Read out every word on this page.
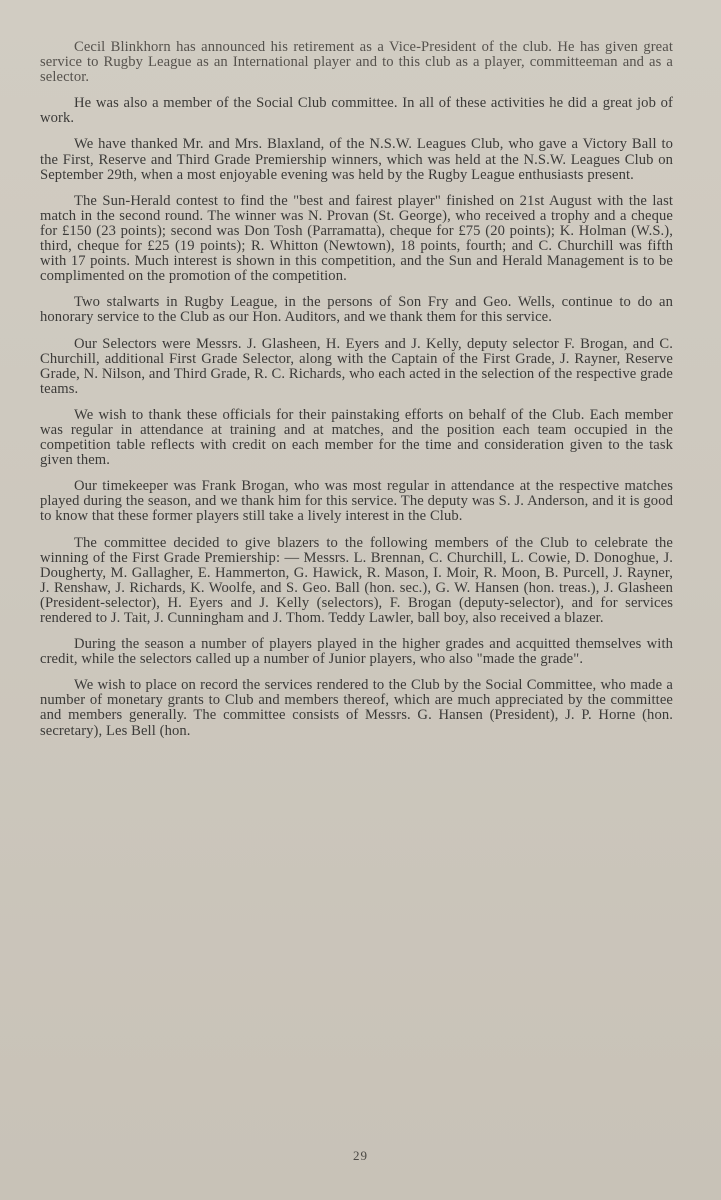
Cecil Blinkhorn has announced his retirement as a Vice-President of the club. He has given great service to Rugby League as an International player and to this club as a player, committeeman and as a selector.

He was also a member of the Social Club committee. In all of these activities he did a great job of work.

We have thanked Mr. and Mrs. Blaxland, of the N.S.W. Leagues Club, who gave a Victory Ball to the First, Reserve and Third Grade Premiership winners, which was held at the N.S.W. Leagues Club on September 29th, when a most enjoyable evening was held by the Rugby League enthusiasts present.

The Sun-Herald contest to find the "best and fairest player" finished on 21st August with the last match in the second round. The winner was N. Provan (St. George), who received a trophy and a cheque for £150 (23 points); second was Don Tosh (Parramatta), cheque for £75 (20 points); K. Holman (W.S.), third, cheque for £25 (19 points); R. Whitton (Newtown), 18 points, fourth; and C. Churchill was fifth with 17 points. Much interest is shown in this competition, and the Sun and Herald Management is to be complimented on the promotion of the competition.

Two stalwarts in Rugby League, in the persons of Son Fry and Geo. Wells, continue to do an honorary service to the Club as our Hon. Auditors, and we thank them for this service.

Our Selectors were Messrs. J. Glasheen, H. Eyers and J. Kelly, deputy selector F. Brogan, and C. Churchill, additional First Grade Selector, along with the Captain of the First Grade, J. Rayner, Reserve Grade, N. Nilson, and Third Grade, R. C. Richards, who each acted in the selection of the respective grade teams.

We wish to thank these officials for their painstaking efforts on behalf of the Club. Each member was regular in attendance at training and at matches, and the position each team occupied in the competition table reflects with credit on each member for the time and consideration given to the task given them.

Our timekeeper was Frank Brogan, who was most regular in attendance at the respective matches played during the season, and we thank him for this service. The deputy was S. J. Anderson, and it is good to know that these former players still take a lively interest in the Club.

The committee decided to give blazers to the following members of the Club to celebrate the winning of the First Grade Premiership: — Messrs. L. Brennan, C. Churchill, L. Cowie, D. Donoghue, J. Dougherty, M. Gallagher, E. Hammerton, G. Hawick, R. Mason, I. Moir, R. Moon, B. Purcell, J. Rayner, J. Renshaw, J. Richards, K. Woolfe, and S. Geo. Ball (hon. sec.), G. W. Hansen (hon. treas.), J. Glasheen (President-selector), H. Eyers and J. Kelly (selectors), F. Brogan (deputy-selector), and for services rendered to J. Tait, J. Cunningham and J. Thom. Teddy Lawler, ball boy, also received a blazer.

During the season a number of players played in the higher grades and acquitted themselves with credit, while the selectors called up a number of Junior players, who also "made the grade".

We wish to place on record the services rendered to the Club by the Social Committee, who made a number of monetary grants to Club and members thereof, which are much appreciated by the committee and members generally. The committee consists of Messrs. G. Hansen (President), J. P. Horne (hon. secretary), Les Bell (hon.

29
